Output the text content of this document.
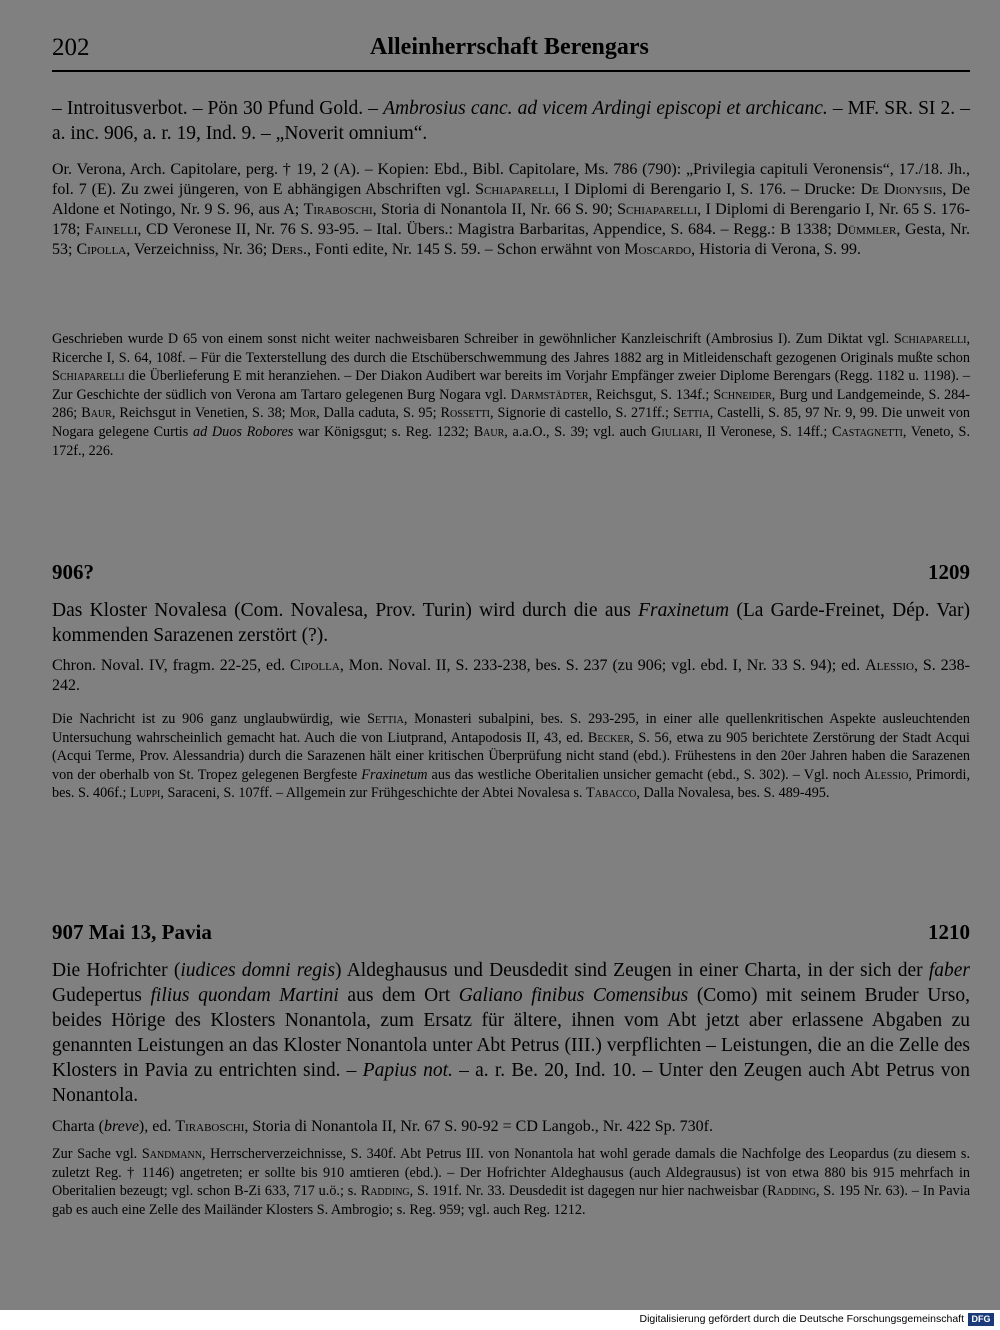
202	Alleinherrschaft Berengars
– Introitusverbot. – Pön 30 Pfund Gold. – Ambrosius canc. ad vicem Ardingi episcopi et archicanc. – MF. SR. SI 2. – a. inc. 906, a. r. 19, Ind. 9. – „Noverit omnium“.
Or. Verona, Arch. Capitolare, perg. † 19, 2 (A). – Kopien: Ebd., Bibl. Capitolare, Ms. 786 (790): „Privilegia capituli Veronensis“, 17./18. Jh., fol. 7 (E). Zu zwei jüngeren, von E abhängigen Abschriften vgl. Schiaparelli, I Diplomi di Berengario I, S. 176. – Drucke: De Dionysiis, De Aldone et Notingo, Nr. 9 S. 96, aus A; Tiraboschi, Storia di Nonantola II, Nr. 66 S. 90; Schiaparelli, I Diplomi di Berengario I, Nr. 65 S. 176-178; Fainelli, CD Veronese II, Nr. 76 S. 93-95. – Ital. Übers.: Magistra Barbaritas, Appendice, S. 684. – Regg.: B 1338; Dümmler, Gesta, Nr. 53; Cipolla, Verzeichniss, Nr. 36; Ders., Fonti edite, Nr. 145 S. 59. – Schon erwähnt von Moscardo, Historia di Verona, S. 99.
Geschrieben wurde D 65 von einem sonst nicht weiter nachweisbaren Schreiber in gewöhnlicher Kanzleischrift (Ambrosius I). Zum Diktat vgl. Schiaparelli, Ricerche I, S. 64, 108f. – Für die Texterstellung des durch die Etschüberschwemmung des Jahres 1882 arg in Mitleidenschaft gezogenen Originals mußte schon Schiaparelli die Überlieferung E mit heranziehen. – Der Diakon Audibert war bereits im Vorjahr Empfänger zweier Diplome Berengars (Regg. 1182 u. 1198). – Zur Geschichte der südlich von Verona am Tartaro gelegenen Burg Nogara vgl. Darmstädter, Reichsgut, S. 134f.; Schneider, Burg und Landgemeinde, S. 284-286; Baur, Reichsgut in Venetien, S. 38; Mor, Dalla caduta, S. 95; Rossetti, Signorie di castello, S. 271ff.; Settia, Castelli, S. 85, 97 Nr. 9, 99. Die unweit von Nogara gelegene Curtis ad Duos Robores war Königsgut; s. Reg. 1232; Baur, a.a.O., S. 39; vgl. auch Giuliari, Il Veronese, S. 14ff.; Castagnetti, Veneto, S. 172f., 226.
906?	1209
Das Kloster Novalesa (Com. Novalesa, Prov. Turin) wird durch die aus Fraxinetum (La Garde-Freinet, Dép. Var) kommenden Sarazenen zerstört (?).
Chron. Noval. IV, fragm. 22-25, ed. Cipolla, Mon. Noval. II, S. 233-238, bes. S. 237 (zu 906; vgl. ebd. I, Nr. 33 S. 94); ed. Alessio, S. 238-242.
Die Nachricht ist zu 906 ganz unglaubwürdig, wie Settia, Monasteri subalpini, bes. S. 293-295, in einer alle quellenkritischen Aspekte ausleuchtenden Untersuchung wahrscheinlich gemacht hat. Auch die von Liutprand, Antapodosis II, 43, ed. Becker, S. 56, etwa zu 905 berichtete Zerstörung der Stadt Acqui (Acqui Terme, Prov. Alessandria) durch die Sarazenen hält einer kritischen Überprüfung nicht stand (ebd.). Frühestens in den 20er Jahren haben die Sarazenen von der oberhalb von St. Tropez gelegenen Bergfeste Fraxinetum aus das westliche Oberitalien unsicher gemacht (ebd., S. 302). – Vgl. noch Alessio, Primordi, bes. S. 406f.; Luppi, Saraceni, S. 107ff. – Allgemein zur Frühgeschichte der Abtei Novalesa s. Tabacco, Dalla Novalesa, bes. S. 489-495.
907 Mai 13, Pavia	1210
Die Hofrichter (iudices domni regis) Aldeghausus und Deusdedit sind Zeugen in einer Charta, in der sich der faber Gudepertus filius quondam Martini aus dem Ort Galiano finibus Comensibus (Como) mit seinem Bruder Urso, beides Hörige des Klosters Nonantola, zum Ersatz für ältere, ihnen vom Abt jetzt aber erlassene Abgaben zu genannten Leistungen an das Kloster Nonantola unter Abt Petrus (III.) verpflichten – Leistungen, die an die Zelle des Klosters in Pavia zu entrichten sind. – Papius not. – a. r. Be. 20, Ind. 10. – Unter den Zeugen auch Abt Petrus von Nonantola.
Charta (breve), ed. Tiraboschi, Storia di Nonantola II, Nr. 67 S. 90-92 = CD Langob., Nr. 422 Sp. 730f.
Zur Sache vgl. Sandmann, Herrscherverzeichnisse, S. 340f. Abt Petrus III. von Nonantola hat wohl gerade damals die Nachfolge des Leopardus (zu diesem s. zuletzt Reg. † 1146) angetreten; er sollte bis 910 amtieren (ebd.). – Der Hofrichter Aldeghausus (auch Aldegrausus) ist von etwa 880 bis 915 mehrfach in Oberitalien bezeugt; vgl. schon B-Zi 633, 717 u.ö.; s. Radding, S. 191f. Nr. 33. Deusdedit ist dagegen nur hier nachweisbar (Radding, S. 195 Nr. 63). – In Pavia gab es auch eine Zelle des Mailänder Klosters S. Ambrogio; s. Reg. 959; vgl. auch Reg. 1212.
Digitalisierung gefördert durch die Deutsche Forschungsgemeinschaft DFG
